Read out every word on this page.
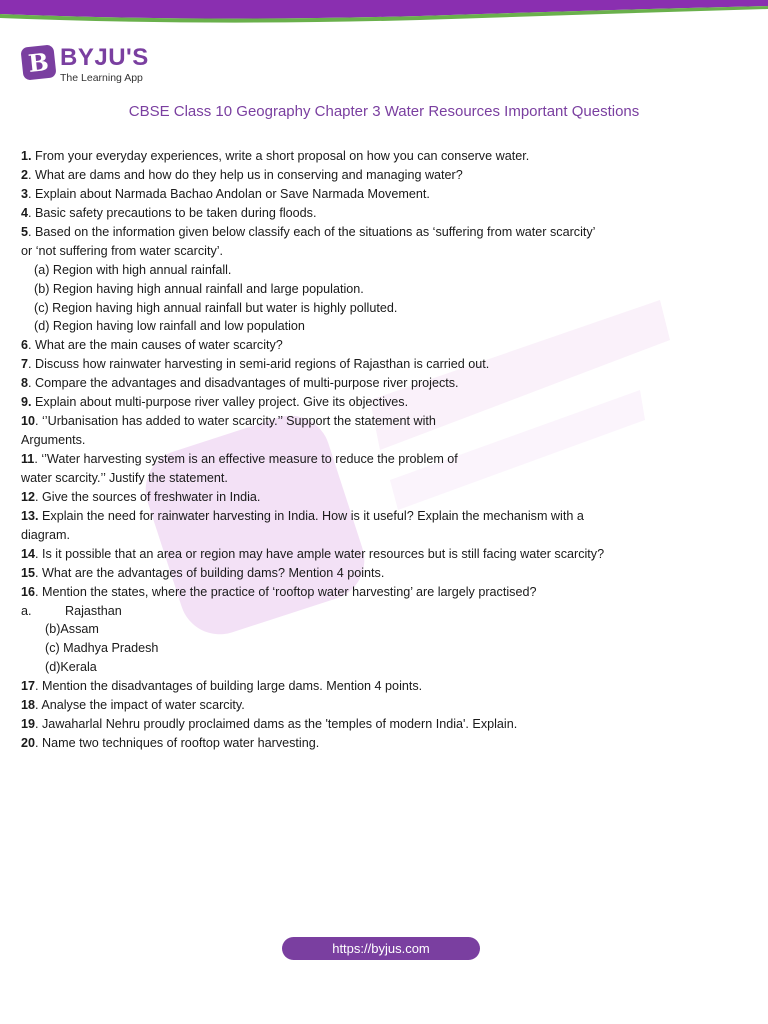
B BYJU'S
The Learning App
CBSE Class 10 Geography Chapter 3 Water Resources Important Questions
1. From your everyday experiences, write a short proposal on how you can conserve water.
2. What are dams and how do they help us in conserving and managing water?
3. Explain about Narmada Bachao Andolan or Save Narmada Movement.
4. Basic safety precautions to be taken during floods.
5. Based on the information given below classify each of the situations as ‘suffering from water scarcity’
or ‘not suffering from water scarcity’.
(a) Region with high annual rainfall.
(b) Region having high annual rainfall and large population.
(c) Region having high annual rainfall but water is highly polluted.
(d) Region having low rainfall and low population
6. What are the main causes of water scarcity?
7. Discuss how rainwater harvesting in semi-arid regions of Rajasthan is carried out.
8. Compare the advantages and disadvantages of multi-purpose river projects.
9. Explain about multi-purpose river valley project. Give its objectives.
10. ‘’Urbanisation has added to water scarcity.’’ Support the statement with
Arguments.
11. ‘’Water harvesting system is an effective measure to reduce the problem of
water scarcity.’’ Justify the statement.
12. Give the sources of freshwater in India.
13. Explain the need for rainwater harvesting in India. How is it useful? Explain the mechanism with a
diagram.
14. Is it possible that an area or region may have ample water resources but is still facing water scarcity?
15. What are the advantages of building dams? Mention 4 points.
16. Mention the states, where the practice of ‘rooftop water harvesting’ are largely practised?
a.	Rajasthan
(b)Assam
(c) Madhya Pradesh
(d)Kerala
17. Mention the disadvantages of building large dams. Mention 4 points.
18. Analyse the impact of water scarcity.
19. Jawaharlal Nehru proudly proclaimed dams as the 'temples of modern India'. Explain.
20. Name two techniques of rooftop water harvesting.
https://byjus.com
